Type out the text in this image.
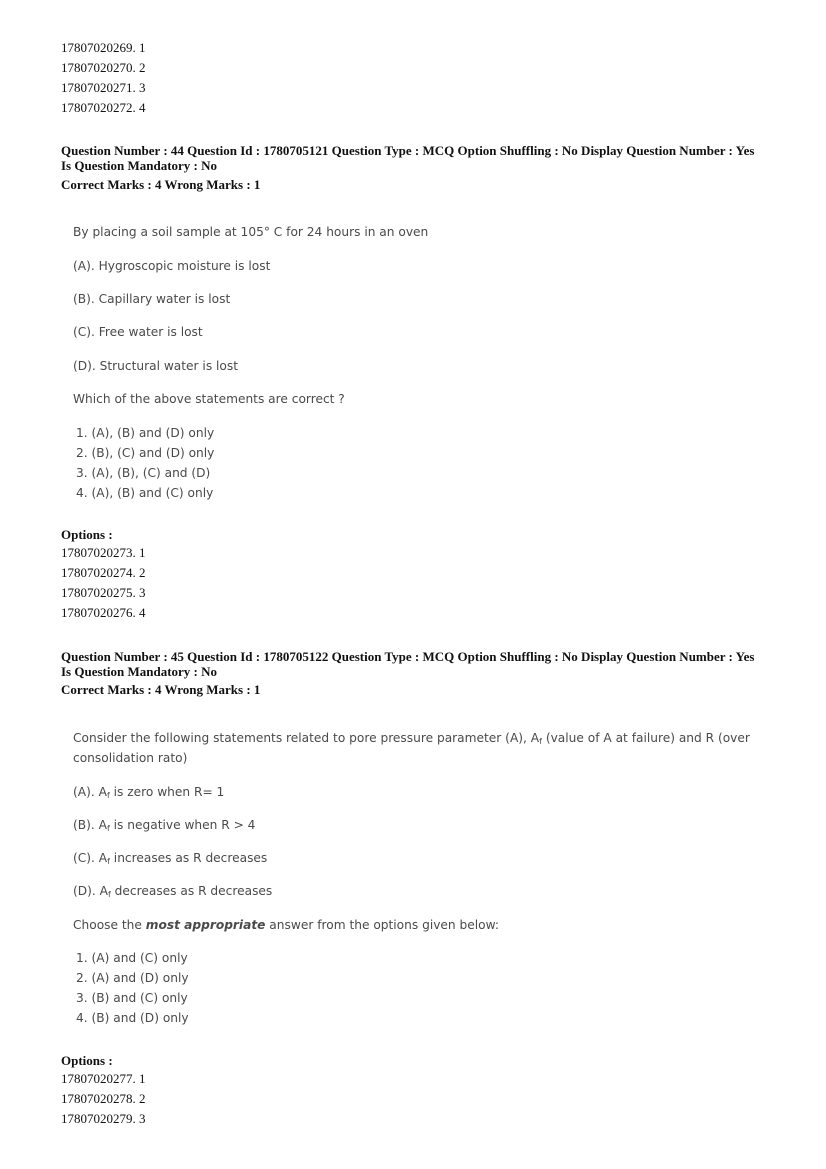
17807020269. 1
17807020270. 2
17807020271. 3
17807020272. 4
Question Number : 44 Question Id : 1780705121 Question Type : MCQ Option Shuffling : No Display Question Number : Yes
Is Question Mandatory : No
Correct Marks : 4 Wrong Marks : 1
By placing a soil sample at 105° C for 24 hours in an oven
(A). Hygroscopic moisture is lost
(B). Capillary water is lost
(C). Free water is lost
(D). Structural water is lost
Which of the above statements are correct ?
1. (A), (B) and (D) only
2. (B), (C) and (D) only
3. (A), (B), (C) and (D)
4. (A), (B) and (C) only
Options :
17807020273. 1
17807020274. 2
17807020275. 3
17807020276. 4
Question Number : 45 Question Id : 1780705122 Question Type : MCQ Option Shuffling : No Display Question Number : Yes
Is Question Mandatory : No
Correct Marks : 4 Wrong Marks : 1
Consider the following statements related to pore pressure parameter (A), $A_f$ (value of A at failure) and R (over
consolidation rato)
(A). $A_f$ is zero when R= 1
(B). $A_f$ is negative when R > 4
(C). $A_f$ increases as R decreases
(D). $A_f$ decreases as R decreases
Choose the most appropriate answer from the options given below:
1. (A) and (C) only
2. (A) and (D) only
3. (B) and (C) only
4. (B) and (D) only
Options :
17807020277. 1
17807020278. 2
17807020279. 3
